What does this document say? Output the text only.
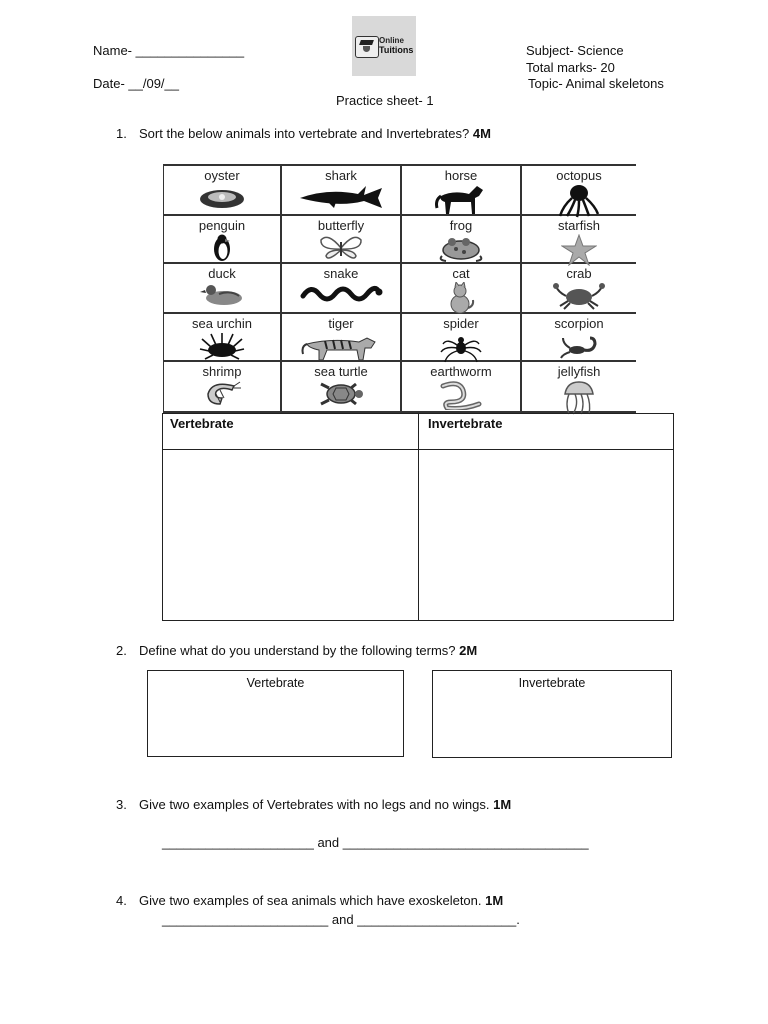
Name- _______________
Date- __/09/__
Subject- Science
Total marks- 20
Topic- Animal skeletons
Practice sheet- 1
Online
Tuitions
1. Sort the below animals into vertebrate and Invertebrates? 4M
oyster	shark	horse	octopus
penguin	butterfly	frog	starfish
duck	snake	cat	crab
sea urchin	tiger	spider	scorpion
shrimp	sea turtle	earthworm	jellyfish
Vertebrate	Invertebrate
2. Define what do you understand by the following terms? 2M
Vertebrate	Invertebrate
3. Give two examples of Vertebrates with no legs and no wings. 1M
_____________________ and __________________________________
4. Give two examples of sea animals which have exoskeleton. 1M
_______________________ and ______________________.
